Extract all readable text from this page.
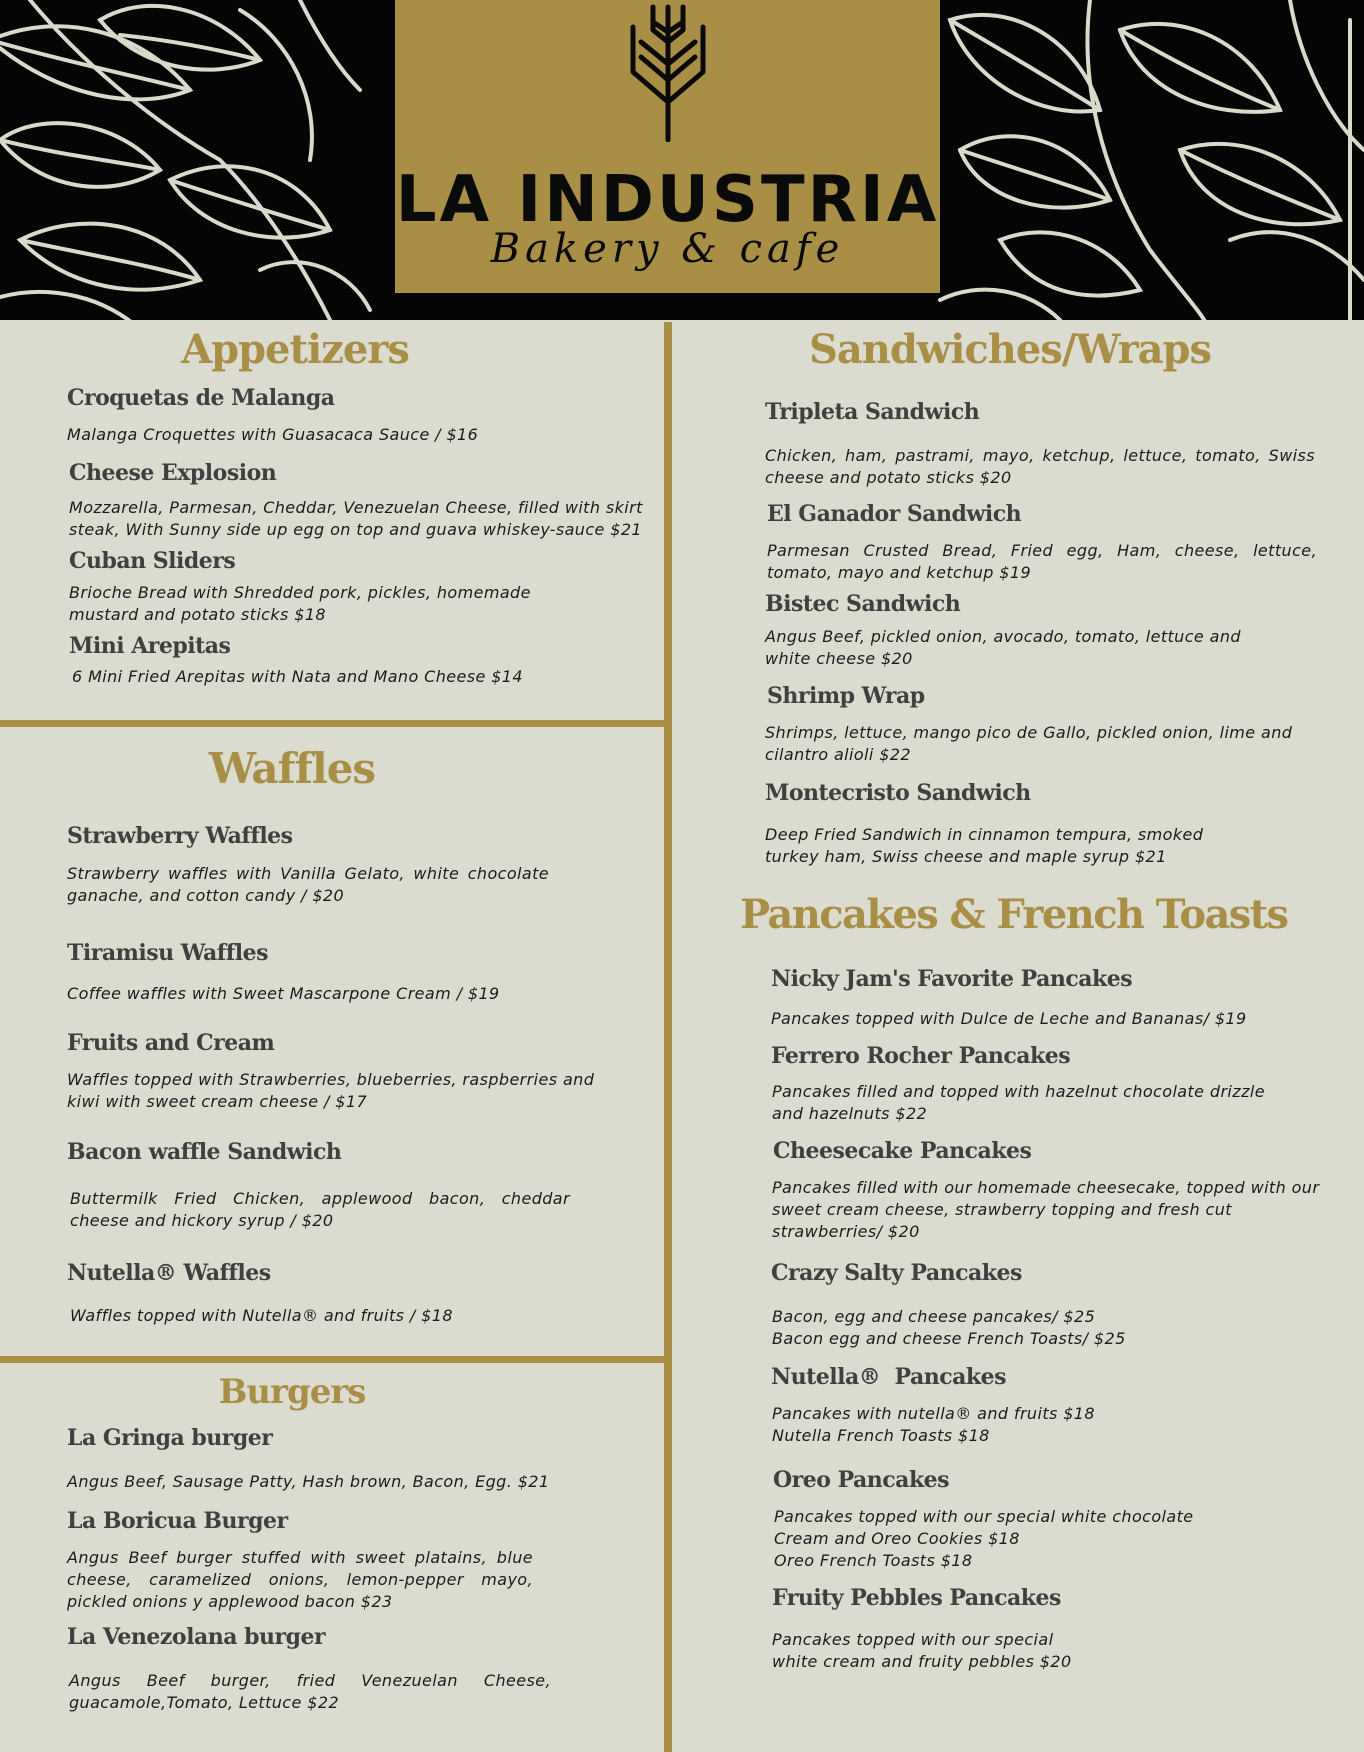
LA INDUSTRIA
Bakery & cafe
Appetizers
Croquetas de Malanga
Malanga Croquettes with Guasacaca Sauce / $16
Cheese Explosion
Mozzarella, Parmesan, Cheddar, Venezuelan Cheese, filled with skirt
steak, With Sunny side up egg on top and guava whiskey-sauce $21
Cuban Sliders
Brioche Bread with Shredded pork, pickles, homemade
mustard and potato sticks $18
Mini Arepitas
6 Mini Fried Arepitas with Nata and Mano Cheese $14
Waffles
Strawberry Waffles
Strawberry waffles with Vanilla Gelato, white chocolate ganache, and cotton candy / $20
Tiramisu Waffles
Coffee waffles with Sweet Mascarpone Cream / $19
Fruits and Cream
Waffles topped with Strawberries, blueberries, raspberries and kiwi with sweet cream cheese / $17
Bacon waffle Sandwich
Buttermilk Fried Chicken, applewood bacon, cheddar cheese and hickory syrup / $20
Nutella® Waffles
Waffles topped with Nutella® and fruits / $18
Burgers
La Gringa burger
Angus Beef, Sausage Patty, Hash brown, Bacon, Egg. $21
La Boricua Burger
Angus Beef burger stuffed with sweet platains, blue cheese, caramelized onions, lemon-pepper mayo, pickled onions y applewood bacon $23
La Venezolana burger
Angus Beef burger, fried Venezuelan Cheese, guacamole,Tomato, Lettuce $22
Sandwiches/Wraps
Tripleta Sandwich
Chicken, ham, pastrami, mayo, ketchup, lettuce, tomato, Swiss cheese and potato sticks $20
El Ganador Sandwich
Parmesan Crusted Bread, Fried egg, Ham, cheese, lettuce, tomato, mayo and ketchup $19
Bistec Sandwich
Angus Beef, pickled onion, avocado, tomato, lettuce and
white cheese $20
Shrimp Wrap
Shrimps, lettuce, mango pico de Gallo, pickled onion, lime and
cilantro alioli $22
Montecristo Sandwich
Deep Fried Sandwich in cinnamon tempura, smoked
turkey ham, Swiss cheese and maple syrup $21
Pancakes & French Toasts
Nicky Jam's Favorite Pancakes
Pancakes topped with Dulce de Leche and Bananas/ $19
Ferrero Rocher Pancakes
Pancakes filled and topped with hazelnut chocolate drizzle
and hazelnuts $22
Cheesecake Pancakes
Pancakes filled with our homemade cheesecake, topped with our
sweet cream cheese, strawberry topping and fresh cut
strawberries/ $20
Crazy Salty Pancakes
Bacon, egg and cheese pancakes/ $25
Bacon egg and cheese French Toasts/ $25
Nutella®  Pancakes
Pancakes with nutella® and fruits $18
Nutella French Toasts $18
Oreo Pancakes
Pancakes topped with our special white chocolate
Cream and Oreo Cookies $18
Oreo French Toasts $18
Fruity Pebbles Pancakes
Pancakes topped with our special
white cream and fruity pebbles $20
